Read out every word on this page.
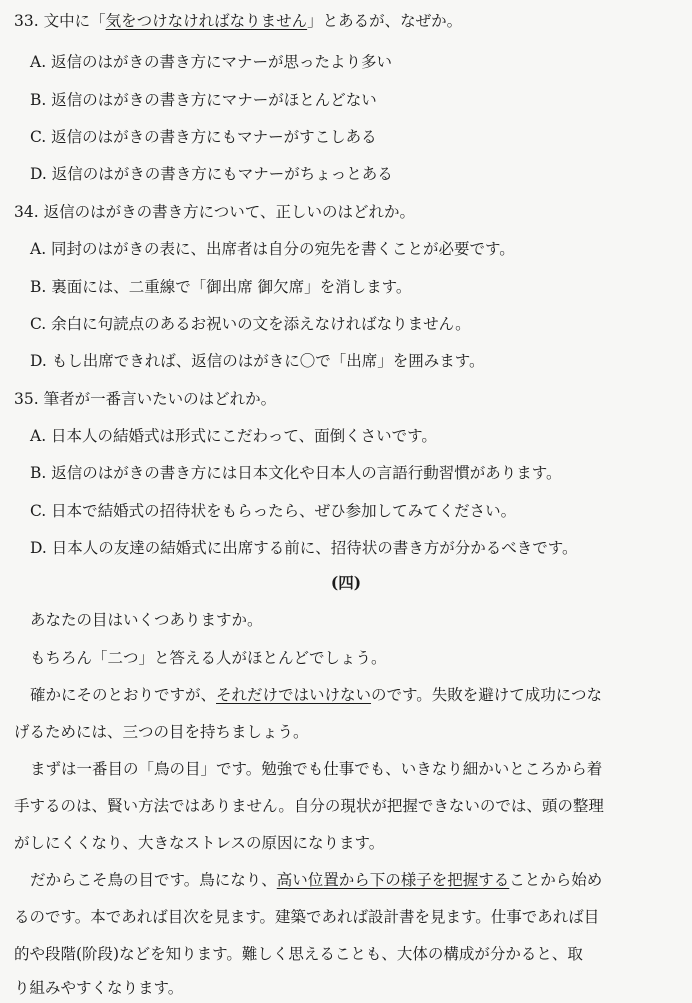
33. 文中に「気をつけなければなりません」とあるが、なぜか。
A. 返信のはがきの書き方にマナーが思ったより多い
B. 返信のはがきの書き方にマナーがほとんどない
C. 返信のはがきの書き方にもマナーがすこしある
D. 返信のはがきの書き方にもマナーがちょっとある
34. 返信のはがきの書き方について、正しいのはどれか。
A. 同封のはがきの表に、出席者は自分の宛先を書くことが必要です。
B. 裏面には、二重線で「御出席 御欠席」を消します。
C. 余白に句読点のあるお祝いの文を添えなければなりません。
D. もし出席できれば、返信のはがきに〇で「出席」を囲みます。
35. 筆者が一番言いたいのはどれか。
A. 日本人の結婚式は形式にこだわって、面倒くさいです。
B. 返信のはがきの書き方には日本文化や日本人の言語行動習慣があります。
C. 日本で結婚式の招待状をもらったら、ぜひ参加してみてください。
D. 日本人の友達の結婚式に出席する前に、招待状の書き方が分かるべきです。
(四)
あなたの目はいくつありますか。
もちろん「二つ」と答える人がほとんどでしょう。
確かにそのとおりですが、それだけではいけないのです。失敗を避けて成功につな
げるためには、三つの目を持ちましょう。
まずは一番目の「鳥の目」です。勉強でも仕事でも、いきなり細かいところから着
手するのは、賢い方法ではありません。自分の現状が把握できないのでは、頭の整理
がしにくくなり、大きなストレスの原因になります。
だからこそ鳥の目です。鳥になり、高い位置から下の様子を把握することから始め
るのです。本であれば目次を見ます。建築であれば設計書を見ます。仕事であれば目
的や段階(阶段)などを知ります。難しく思えることも、大体の構成が分かると、取
り組みやすくなります。
